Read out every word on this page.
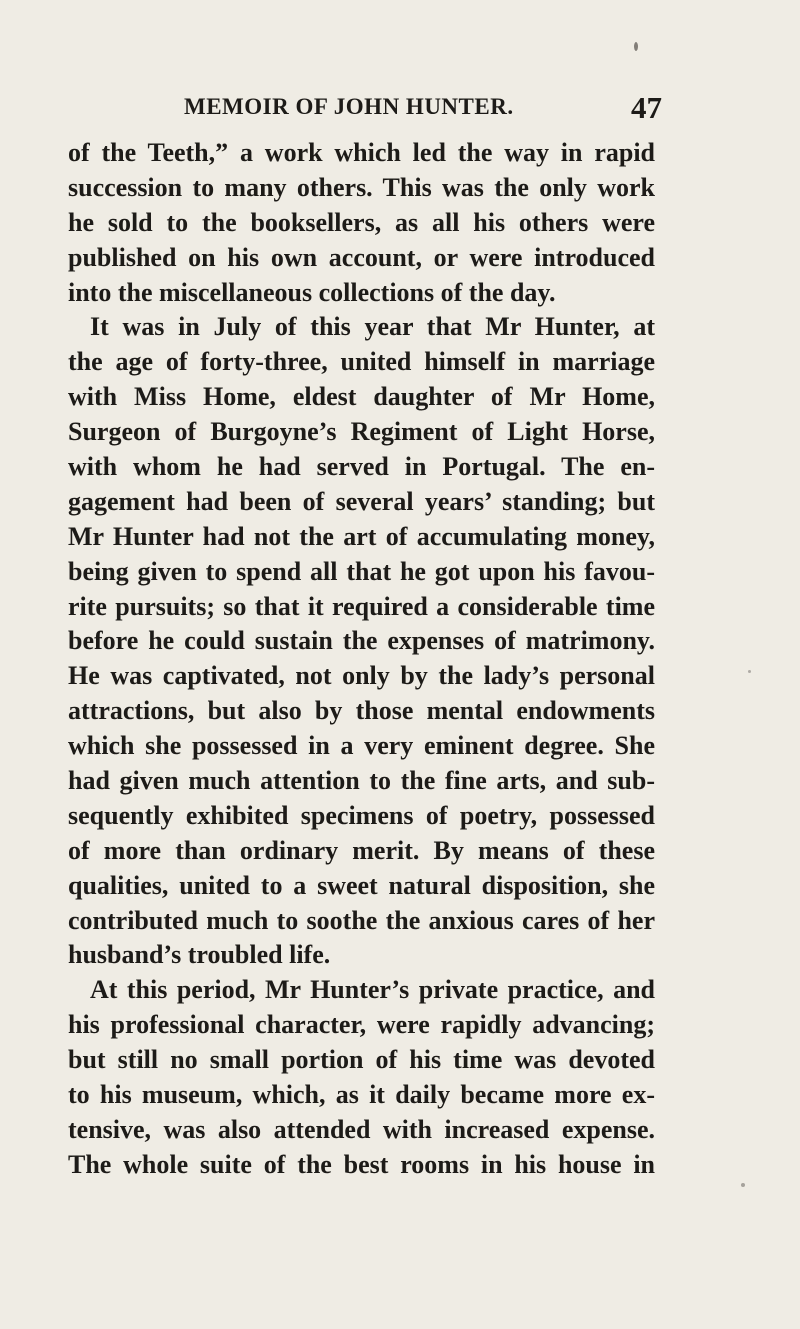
MEMOIR OF JOHN HUNTER.	47
of the Teeth,” a work which led the way in rapid
succession to many others. This was the only work
he sold to the booksellers, as all his others were
published on his own account, or were introduced
into the miscellaneous collections of the day.
It was in July of this year that Mr Hunter, at
the age of forty-three, united himself in marriage
with Miss Home, eldest daughter of Mr Home,
Surgeon of Burgoyne’s Regiment of Light Horse,
with whom he had served in Portugal. The en-
gagement had been of several years’ standing; but
Mr Hunter had not the art of accumulating money,
being given to spend all that he got upon his favou-
rite pursuits; so that it required a considerable time
before he could sustain the expenses of matrimony.
He was captivated, not only by the lady’s personal
attractions, but also by those mental endowments
which she possessed in a very eminent degree. She
had given much attention to the fine arts, and sub-
sequently exhibited specimens of poetry, possessed
of more than ordinary merit. By means of these
qualities, united to a sweet natural disposition, she
contributed much to soothe the anxious cares of her
husband’s troubled life.
At this period, Mr Hunter’s private practice, and
his professional character, were rapidly advancing;
but still no small portion of his time was devoted
to his museum, which, as it daily became more ex-
tensive, was also attended with increased expense.
The whole suite of the best rooms in his house in
